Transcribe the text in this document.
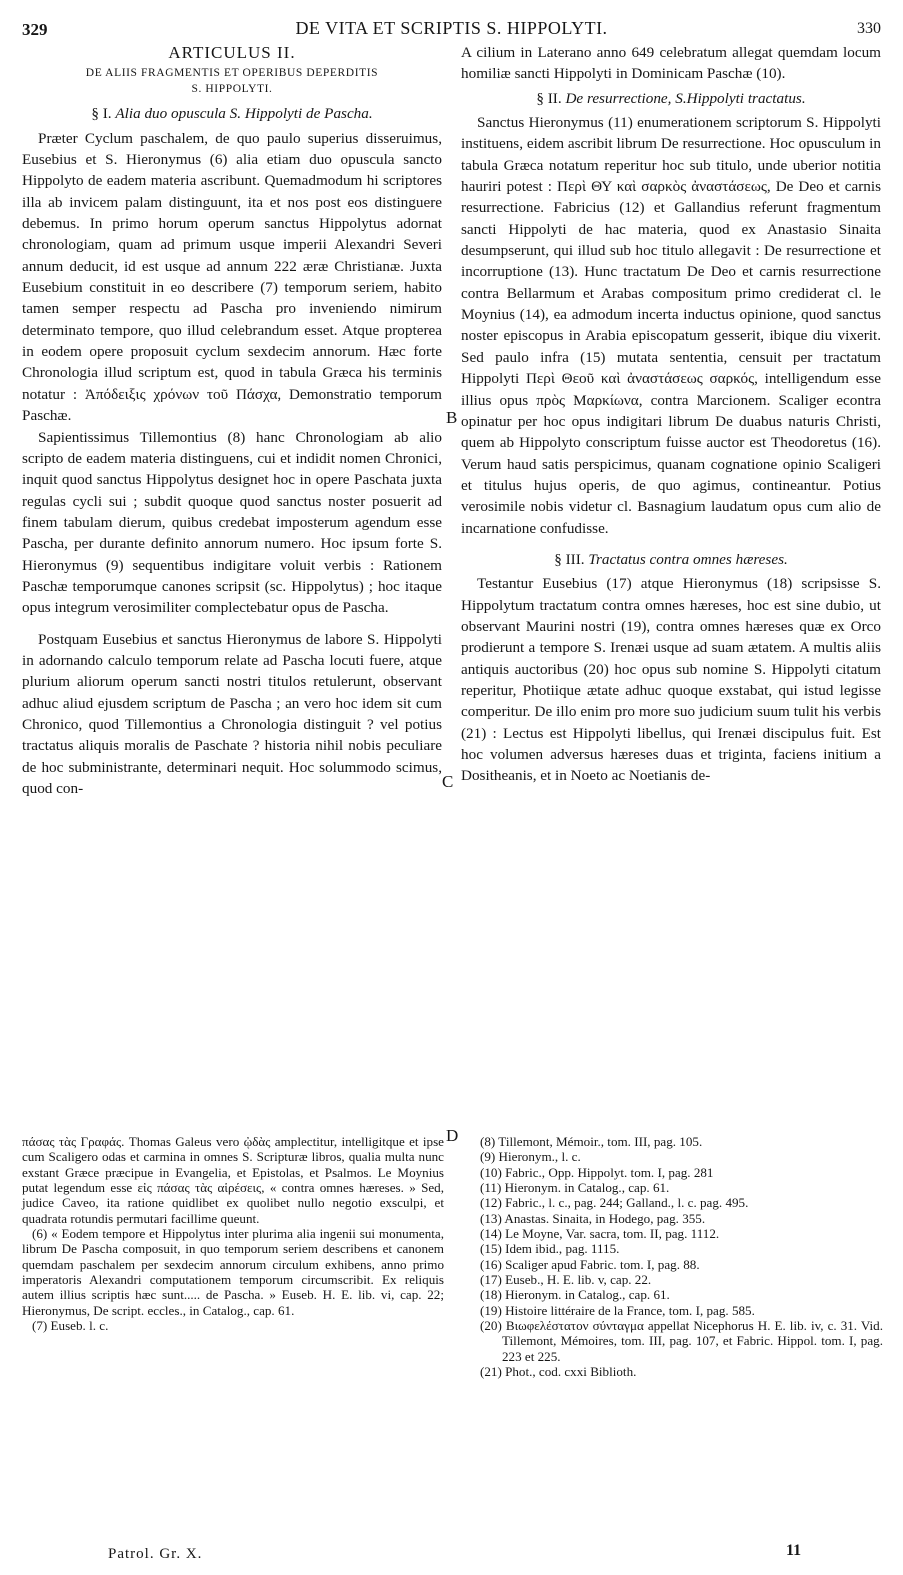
329	DE VITA ET SCRIPTIS S. HIPPOLYTI.	330
ARTICULUS II.
DE ALIIS FRAGMENTIS ET OPERIBUS DEPERDITIS
S. HIPPOLYTI.

§ I. Alia duo opuscula S. Hippolyti de Pascha.

Præter Cyclum paschalem, de quo paulo superius disseruimus, Eusebius et S. Hieronymus (6) alia etiam duo opuscula sancto Hippolyto de eadem materia ascribunt. Quemadmodum hi scriptores illa ab invicem palam distinguunt, ita et nos post eos distinguere debemus. In primo horum operum sanctus Hippolytus adornat chronologiam, quam ad primum usque imperii Alexandri Severi annum deducit, id est usque ad annum 222 æræ Christianæ. Juxta Eusebium constituit in eo describere (7) temporum seriem, habito tamen semper respectu ad Pascha pro inveniendo nimirum determinato tempore, quo illud celebrandum esset. Atque propterea in eodem opere proposuit cyclum sexdecim annorum. Hæc forte Chronologia illud scriptum est, quod in tabula Græca his terminis notatur : Ἀπόδειξις χρόνων τοῦ Πάσχα, Demonstratio temporum Paschæ.

Sapientissimus Tillemontius (8) hanc Chronologiam ab alio scripto de eadem materia distinguens, cui et indidit nomen Chronici, inquit quod sanctus Hippolytus designet hoc in opere Paschata juxta regulas cycli sui ; subdit quoque quod sanctus noster posuerit ad finem tabulam dierum, quibus credebat imposterum agendum esse Pascha, per durante definito annorum numero. Hoc ipsum forte S. Hieronymus (9) sequentibus indigitare voluit verbis : Rationem Paschæ temporumque canones scripsit (sc. Hippolytus) ; hoc itaque opus integrum verosimiliter complectebatur opus de Pascha.

Postquam Eusebius et sanctus Hieronymus de labore S. Hippolyti in adornando calculo temporum relate ad Pascha locuti fuere, atque plurium aliorum operum sancti nostri titulos retulerunt, observant adhuc aliud ejusdem scriptum de Pascha ; an vero hoc idem sit cum Chronico, quod Tillemontius a Chronologia distinguit ? vel potius tractatus aliquis moralis de Paschate ? historia nihil nobis peculiare de hoc subministrante, determinari nequit. Hoc solummodo scimus, quod con-

A cilium in Laterano anno 649 celebratum allegat quemdam locum homiliæ sancti Hippolyti in Dominicam Paschæ (10).

§ II. De resurrectione, S.Hippolyti tractatus.

Sanctus Hieronymus (11) enumerationem scriptorum S. Hippolyti instituens, eidem ascribit librum De resurrectione. Hoc opusculum in tabula Græca notatum reperitur hoc sub titulo, unde uberior notitia hauriri potest : Περὶ ΘΥ καὶ σαρκὸς ἀναστάσεως, De Deo et carnis resurrectione. Fabricius (12) et Gallandius referunt fragmentum sancti Hippolyti de hac materia, quod ex Anastasio Sinaita desumpserunt, qui illud sub hoc titulo allegavit : De resurrectione et incorruptione (13). Hunc tractatum De Deo et carnis resurrectione contra Bellarmum et Arabas compositum primo crediderat cl. le Moynius (14), ea admodum incerta inductus opinione, quod sanctus noster episcopus in Arabia episcopatum gesserit, ibique diu vixerit. Sed paulo infra (15) mutata sententia, censuit per tractatum Hippolyti Περὶ Θεοῦ καὶ ἀναστάσεως σαρκός, intelligendum esse illius opus πρὸς Μαρκίωνα, contra Marcionem. Scaliger econtra opinatur per hoc opus indigitari librum De duabus naturis Christi, quem ab Hippolyto conscriptum fuisse auctor est Theodoretus (16). Verum haud satis perspicimus, quanam cognatione opinio Scaligeri et titulus hujus operis, de quo agimus, contineantur. Potius verosimile nobis videtur cl. Basnagium laudatum opus cum alio de incarnatione confudisse.

§ III. Tractatus contra omnes hæreses.

Testantur Eusebius (17) atque Hieronymus (18) scripsisse S. Hippolytum tractatum contra omnes hæreses, hoc est sine dubio, ut observant Maurini nostri (19), contra omnes hæreses quæ ex Orco prodierunt a tempore S. Irenæi usque ad suam ætatem. A multis aliis antiquis auctoribus (20) hoc opus sub nomine S. Hippolyti citatum reperitur, Photiique ætate adhuc quoque exstabat, qui istud legisse comperitur. De illo enim pro more suo judicium suum tulit his verbis (21) : Lectus est Hippolyti libellus, qui Irenæi discipulus fuit. Est hoc volumen adversus hæreses duas et triginta, faciens initium a Dositheanis, et in Noeto ac Noetianis de-

B
C
D

πάσας τὰς Γραφάς. Thomas Galeus vero ᾠδὰς amplectitur, intelligitque et ipse cum Scaligero odas et carmina in omnes S. Scripturæ libros, qualia multa nunc exstant Græce præcipue in Evangelia, et Epistolas, et Psalmos. Le Moynius putat legendum esse εἰς πάσας τὰς αἱρέσεις, « contra omnes hæreses. » Sed, judice Caveo, ita ratione quidlibet ex quolibet nullo negotio exsculpi, et quadrata rotundis permutari facillime queunt.

(6) « Eodem tempore et Hippolytus inter plurima alia ingenii sui monumenta, librum De Pascha composuit, in quo temporum seriem describens et canonem quemdam paschalem per sexdecim annorum circulum exhibens, anno primo imperatoris Alexandri computationem temporum circumscribit. Ex reliquis autem illius scriptis hæc sunt..... de Pascha. » Euseb. H. E. lib. vi, cap. 22; Hieronymus, De script. eccles., in Catalog., cap. 61.

(7) Euseb. l. c.

(8) Tillemont, Mémoir., tom. III, pag. 105.

(9) Hieronym., l. c.

(10) Fabric., Opp. Hippolyt. tom. I, pag. 281

(11) Hieronym. in Catalog., cap. 61.

(12) Fabric., l. c., pag. 244; Galland., l. c. pag. 495.

(13) Anastas. Sinaita, in Hodego, pag. 355.

(14) Le Moyne, Var. sacra, tom. II, pag. 1112.

(15) Idem ibid., pag. 1115.

(16) Scaliger apud Fabric. tom. I, pag. 88.

(17) Euseb., H. E. lib. v, cap. 22.

(18) Hieronym. in Catalog., cap. 61.

(19) Histoire littéraire de la France, tom. I, pag. 585.

(20) Βιωφελέστατον σύνταγμα appellat Nicephorus H. E. lib. iv, c. 31. Vid. Tillemont, Mémoires, tom. III, pag. 107, et Fabric. Hippol. tom. I, pag. 223 et 225.

(21) Phot., cod. cxxi Biblioth.

Patrol. Gr. X.	11
